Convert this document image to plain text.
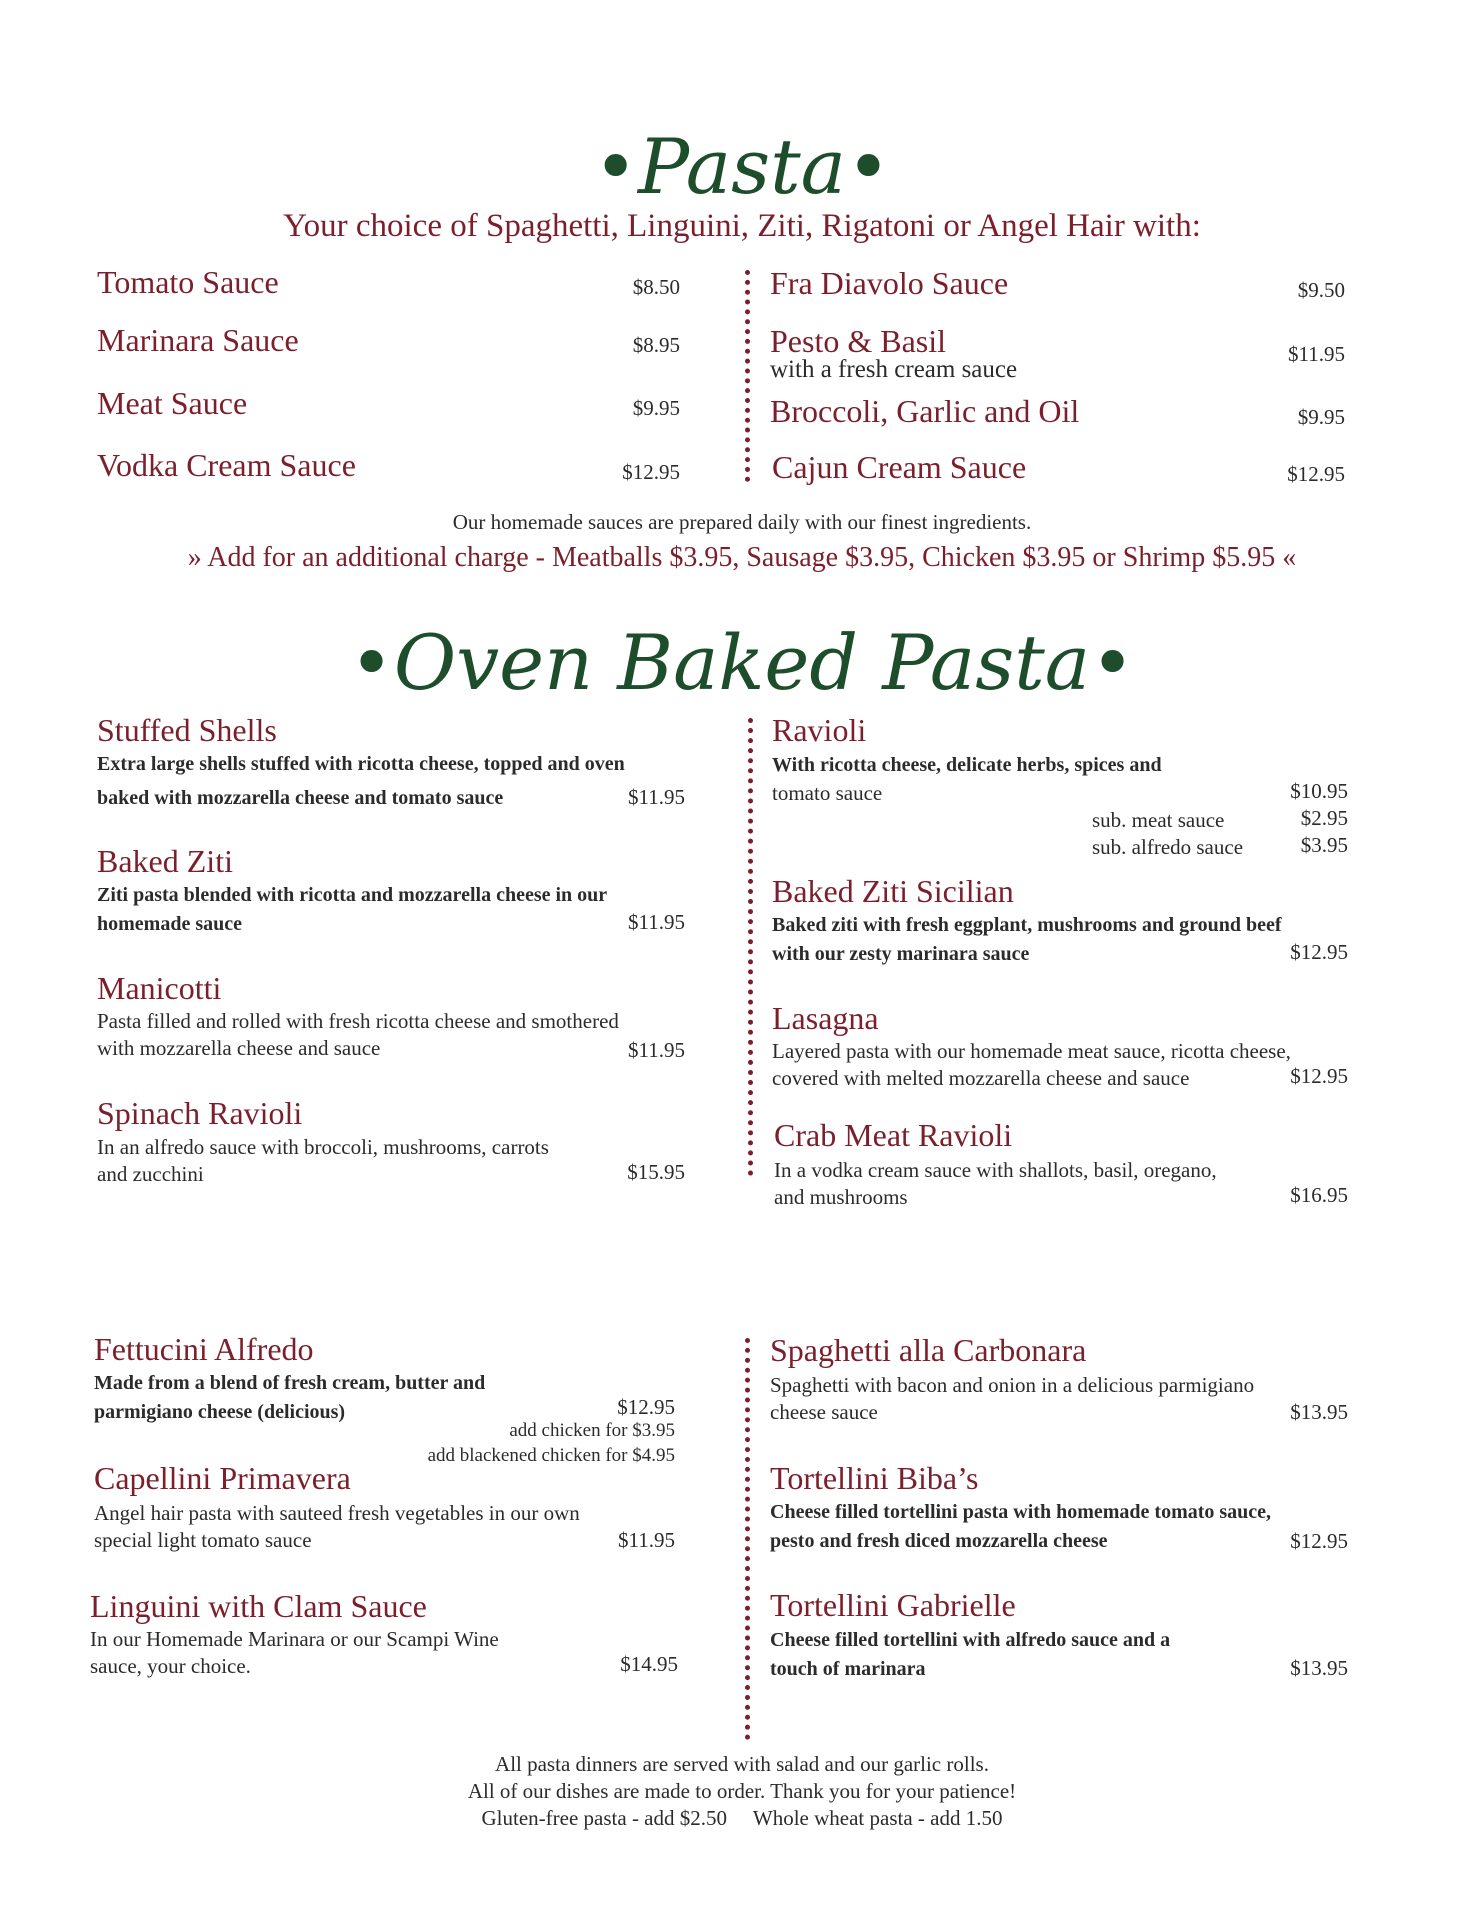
•Pasta•
Your choice of Spaghetti, Linguini, Ziti, Rigatoni or Angel Hair with:
Tomato Sauce	$8.50
Marinara Sauce	$8.95
Meat Sauce	$9.95
Vodka Cream Sauce	$12.95
Fra Diavolo Sauce	$9.50
Pesto & Basil
with a fresh cream sauce
$11.95
Broccoli, Garlic and Oil	$9.95
Cajun Cream Sauce	$12.95
Our homemade sauces are prepared daily with our finest ingredients.
» Add for an additional charge - Meatballs $3.95, Sausage $3.95, Chicken $3.95 or Shrimp $5.95 «
•Oven Baked Pasta•
Stuffed Shells
Extra large shells stuffed with ricotta cheese, topped and oven
baked with mozzarella cheese and tomato sauce	$11.95
Baked Ziti
Ziti pasta blended with ricotta and mozzarella cheese in our
homemade sauce	$11.95
Manicotti
Pasta filled and rolled with fresh ricotta cheese and smothered
with mozzarella cheese and sauce	$11.95
Spinach Ravioli
In an alfredo sauce with broccoli, mushrooms, carrots
and zucchini	$15.95
Ravioli
With ricotta cheese, delicate herbs, spices and
tomato sauce	$10.95
sub. meat sauce	$2.95
sub. alfredo sauce	$3.95
Baked Ziti Sicilian
Baked ziti with fresh eggplant, mushrooms and ground beef
with our zesty marinara sauce	$12.95
Lasagna
Layered pasta with our homemade meat sauce, ricotta cheese,
covered with melted mozzarella cheese and sauce	$12.95
Crab Meat Ravioli
In a vodka cream sauce with shallots, basil, oregano,
and mushrooms	$16.95
Fettucini Alfredo
Made from a blend of fresh cream, butter and
parmigiano cheese (delicious)	$12.95
add chicken for $3.95
add blackened chicken for $4.95
Capellini Primavera
Angel hair pasta with sauteed fresh vegetables in our own
special light tomato sauce	$11.95
Linguini with Clam Sauce
In our Homemade Marinara or our Scampi Wine
sauce, your choice.	$14.95
Spaghetti alla Carbonara
Spaghetti with bacon and onion in a delicious parmigiano
cheese sauce	$13.95
Tortellini Biba’s
Cheese filled tortellini pasta with homemade tomato sauce,
pesto and fresh diced mozzarella cheese	$12.95
Tortellini Gabrielle
Cheese filled tortellini with alfredo sauce and a
touch of marinara	$13.95
All pasta dinners are served with salad and our garlic rolls.
All of our dishes are made to order. Thank you for your patience!
Gluten-free pasta - add $2.50     Whole wheat pasta - add 1.50
